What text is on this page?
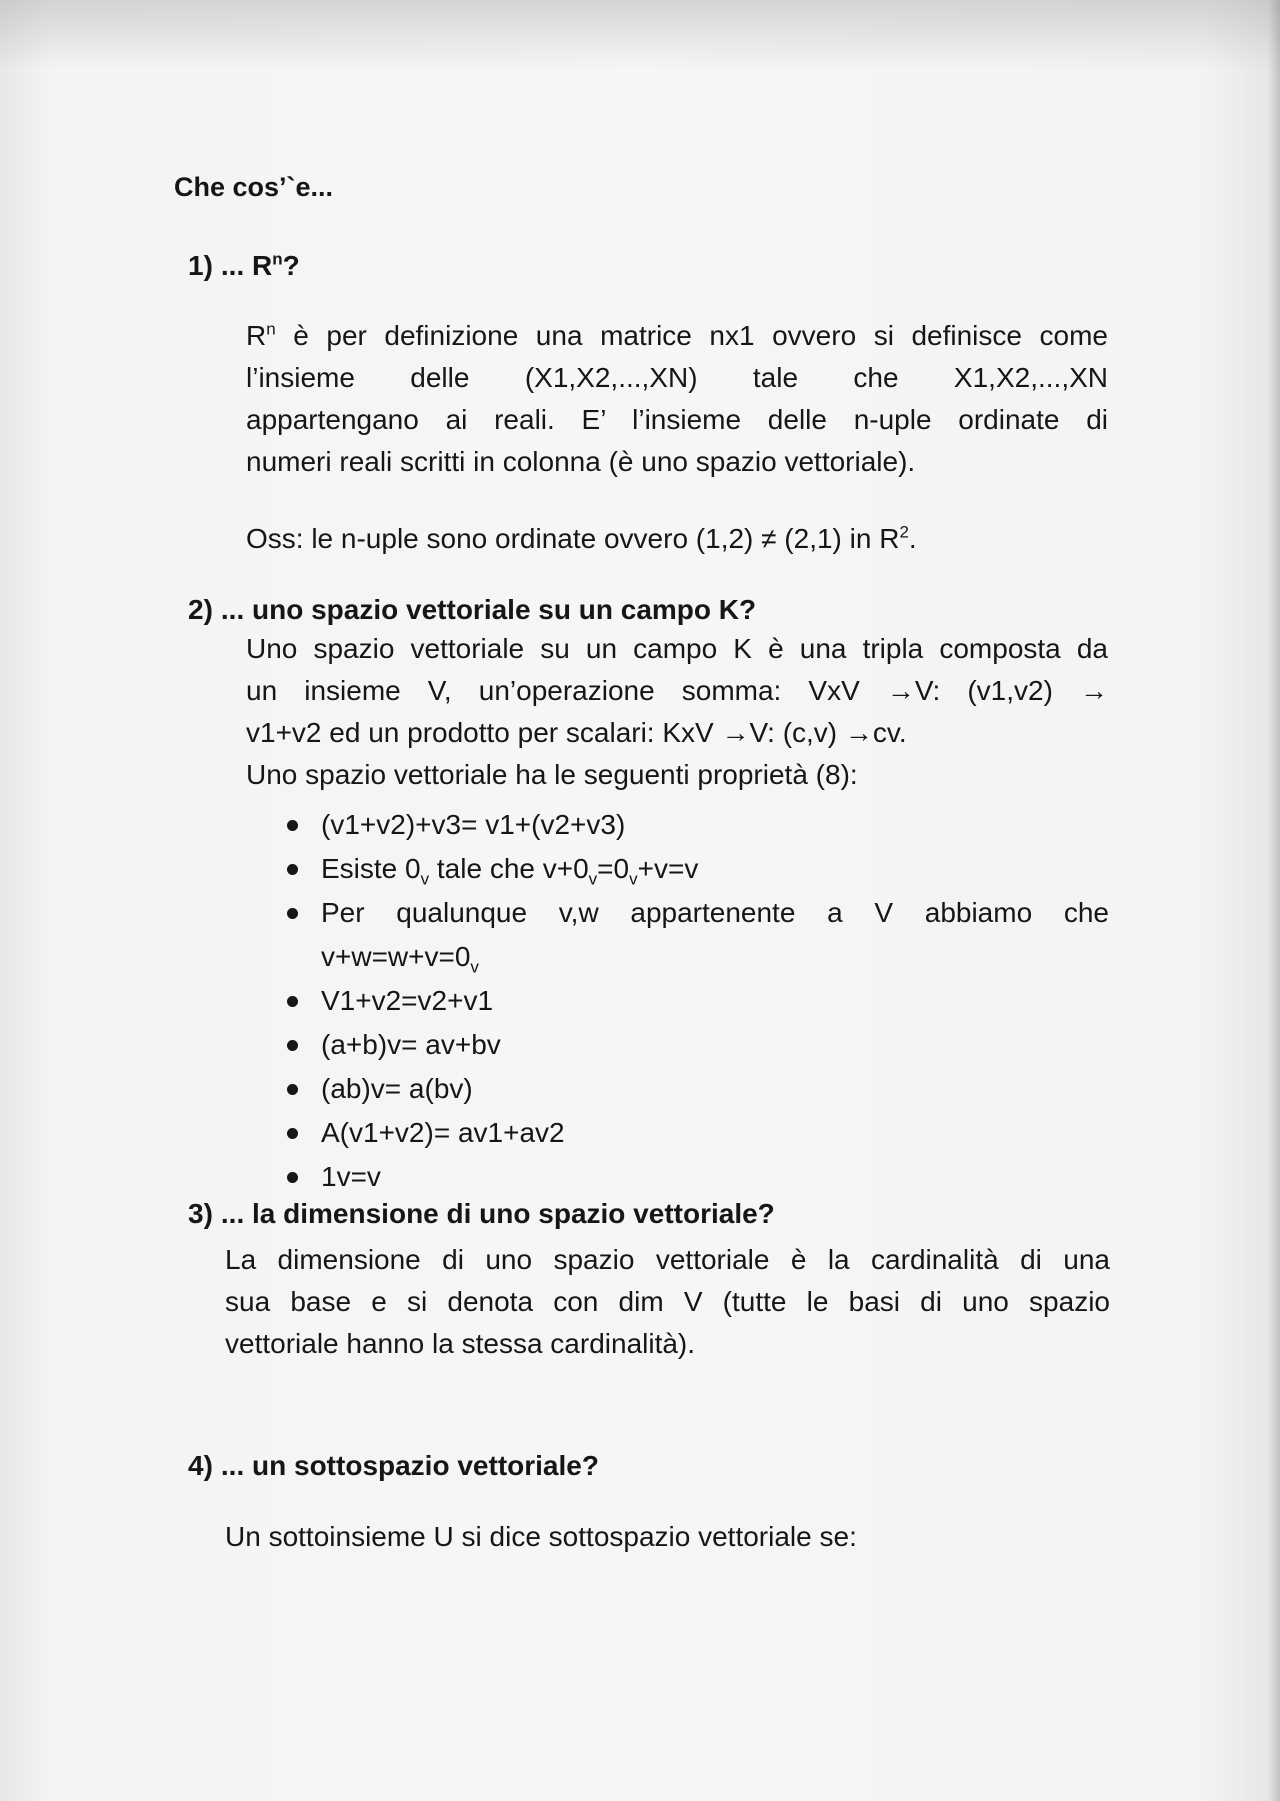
Che cos’`e...
1) ... $R^n$?
$R^n$ è per definizione una matrice nx1 ovvero si definisce come
l’insieme delle (X1,X2,...,XN) tale che X1,X2,...,XN
appartengano ai reali. E’ l’insieme delle n-uple ordinate di
numeri reali scritti in colonna (è uno spazio vettoriale).
Oss: le n-uple sono ordinate ovvero (1,2) ≠ (2,1) in $R^2$.
2) ... uno spazio vettoriale su un campo K?
Uno spazio vettoriale su un campo K è una tripla composta da
un insieme V, un’operazione somma: VxV →V: (v1,v2) →
v1+v2 ed un prodotto per scalari: KxV →V: (c,v) →cv.
Uno spazio vettoriale ha le seguenti proprietà (8):
(v1+v2)+v3= v1+(v2+v3)
Esiste $0_v$ tale che $v+0_v=0_v+v=v$
Per qualunque v,w appartenente a V abbiamo che
$v+w=w+v=0_v$
V1+v2=v2+v1
(a+b)v= av+bv
(ab)v= a(bv)
A(v1+v2)= av1+av2
1v=v
3) ... la dimensione di uno spazio vettoriale?
La dimensione di uno spazio vettoriale è la cardinalità di una
sua base e si denota con dim V (tutte le basi di uno spazio
vettoriale hanno la stessa cardinalità).
4) ... un sottospazio vettoriale?
Un sottoinsieme U si dice sottospazio vettoriale se:
